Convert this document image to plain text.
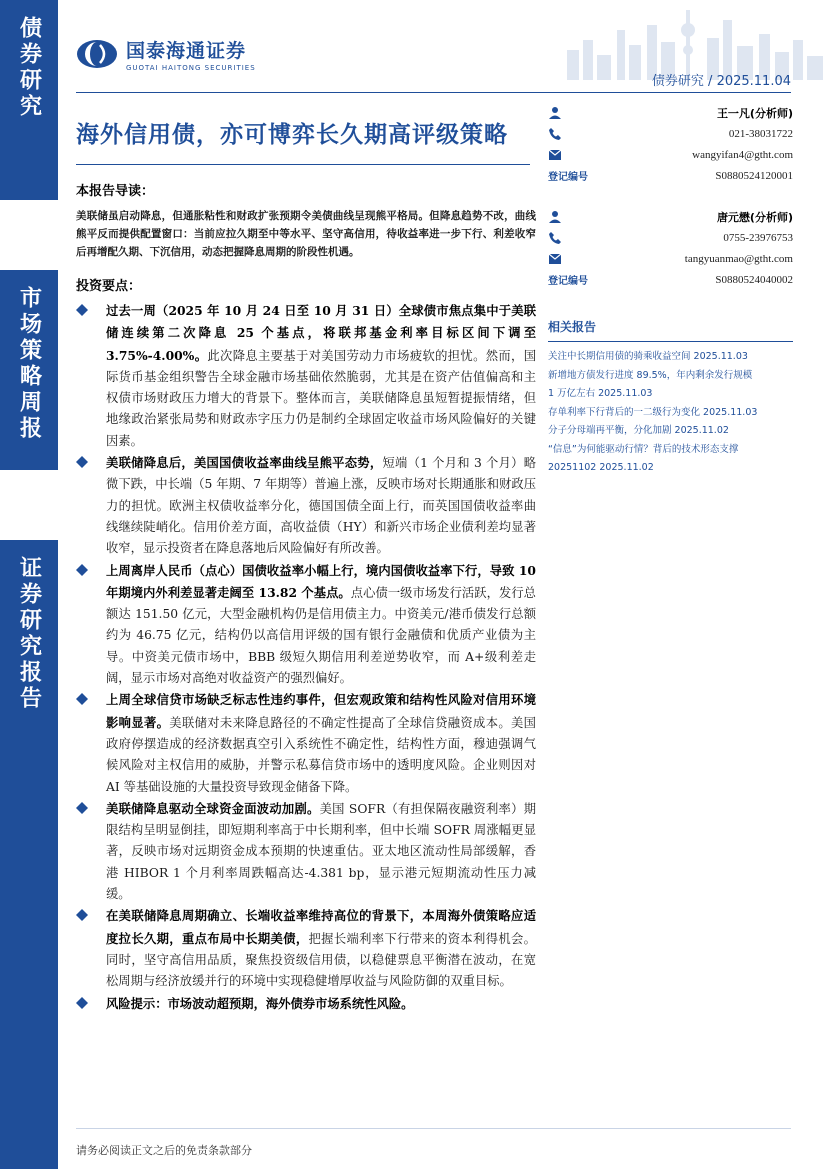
债券研究
市场策略周报
证券研究报告
国泰海通证券
GUOTAI HAITONG SECURITIES
债券研究 / 2025.11.04
海外信用债，亦可博弈长久期高评级策略
王一凡(分析师)
021-38031722
wangyifan4@gtht.com
登记编号	S0880524120001
唐元懋(分析师)
0755-23976753
tangyuanmao@gtht.com
登记编号	S0880524040002
相关报告
关注中长期信用债的骑乘收益空间 2025.11.03
新增地方债发行进度 89.5%，年内剩余发行规模
1 万亿左右 2025.11.03
存单利率下行背后的一二级行为变化 2025.11.03
分子分母端再平衡，分化加剧 2025.11.02
“信息”为何能驱动行情？背后的技术形态支撑
20251102 2025.11.02
本报告导读：
美联储虽启动降息，但通胀粘性和财政扩张预期令美债曲线呈现熊平格局。但降息趋势不改，曲线熊平反而提供配置窗口：当前应拉久期至中等水平、坚守高信用，待收益率进一步下行、利差收窄后再增配久期、下沉信用，动态把握降息周期的阶段性机遇。
投资要点：
过去一周（2025 年 10 月 24 日至 10 月 31 日）全球债市焦点集中于美联储连续第二次降息 25 个基点，将联邦基金利率目标区间下调至 3.75%-4.00%。此次降息主要基于对美国劳动力市场疲软的担忧。然而，国际货币基金组织警告全球金融市场基础依然脆弱，尤其是在资产估值偏高和主权债市场财政压力增大的背景下。整体而言，美联储降息虽短暂提振情绪，但地缘政治紧张局势和财政赤字压力仍是制约全球固定收益市场风险偏好的关键因素。
美联储降息后，美国国债收益率曲线呈熊平态势，短端（1 个月和 3 个月）略微下跌，中长端（5 年期、7 年期等）普遍上涨，反映市场对长期通胀和财政压力的担忧。欧洲主权债收益率分化，德国国债全面上行，而英国国债收益率曲线继续陡峭化。信用价差方面，高收益债（HY）和新兴市场企业债利差均显著收窄，显示投资者在降息落地后风险偏好有所改善。
上周离岸人民币（点心）国债收益率小幅上行，境内国债收益率下行，导致 10 年期境内外利差显著走阔至 13.82 个基点。点心债一级市场发行活跃，发行总额达 151.50 亿元，大型金融机构仍是信用债主力。中资美元/港币债发行总额约为 46.75 亿元，结构仍以高信用评级的国有银行金融债和优质产业债为主导。中资美元债市场中，BBB 级短久期信用利差逆势收窄，而 A+级利差走阔，显示市场对高绝对收益资产的强烈偏好。
上周全球信贷市场缺乏标志性违约事件，但宏观政策和结构性风险对信用环境影响显著。美联储对未来降息路径的不确定性提高了全球信贷融资成本。美国政府停摆造成的经济数据真空引入系统性不确定性，结构性方面，穆迪强调气候风险对主权信用的威胁，并警示私募信贷市场中的透明度风险。企业则因对 AI 等基础设施的大量投资导致现金储备下降。
美联储降息驱动全球资金面波动加剧。美国 SOFR（有担保隔夜融资利率）期限结构呈明显倒挂，即短期利率高于中长期利率，但中长端 SOFR 周涨幅更显著，反映市场对远期资金成本预期的快速重估。亚太地区流动性局部缓解，香港 HIBOR 1 个月利率周跌幅高达-4.381 bp，显示港元短期流动性压力减缓。
在美联储降息周期确立、长端收益率维持高位的背景下，本周海外债策略应适度拉长久期，重点布局中长期美债，把握长端利率下行带来的资本利得机会。同时，坚守高信用品质，聚焦投资级信用债，以稳健票息平衡潜在波动，在宽松周期与经济放缓并行的环境中实现稳健增厚收益与风险防御的双重目标。
风险提示：市场波动超预期，海外债券市场系统性风险。
请务必阅读正文之后的免责条款部分
